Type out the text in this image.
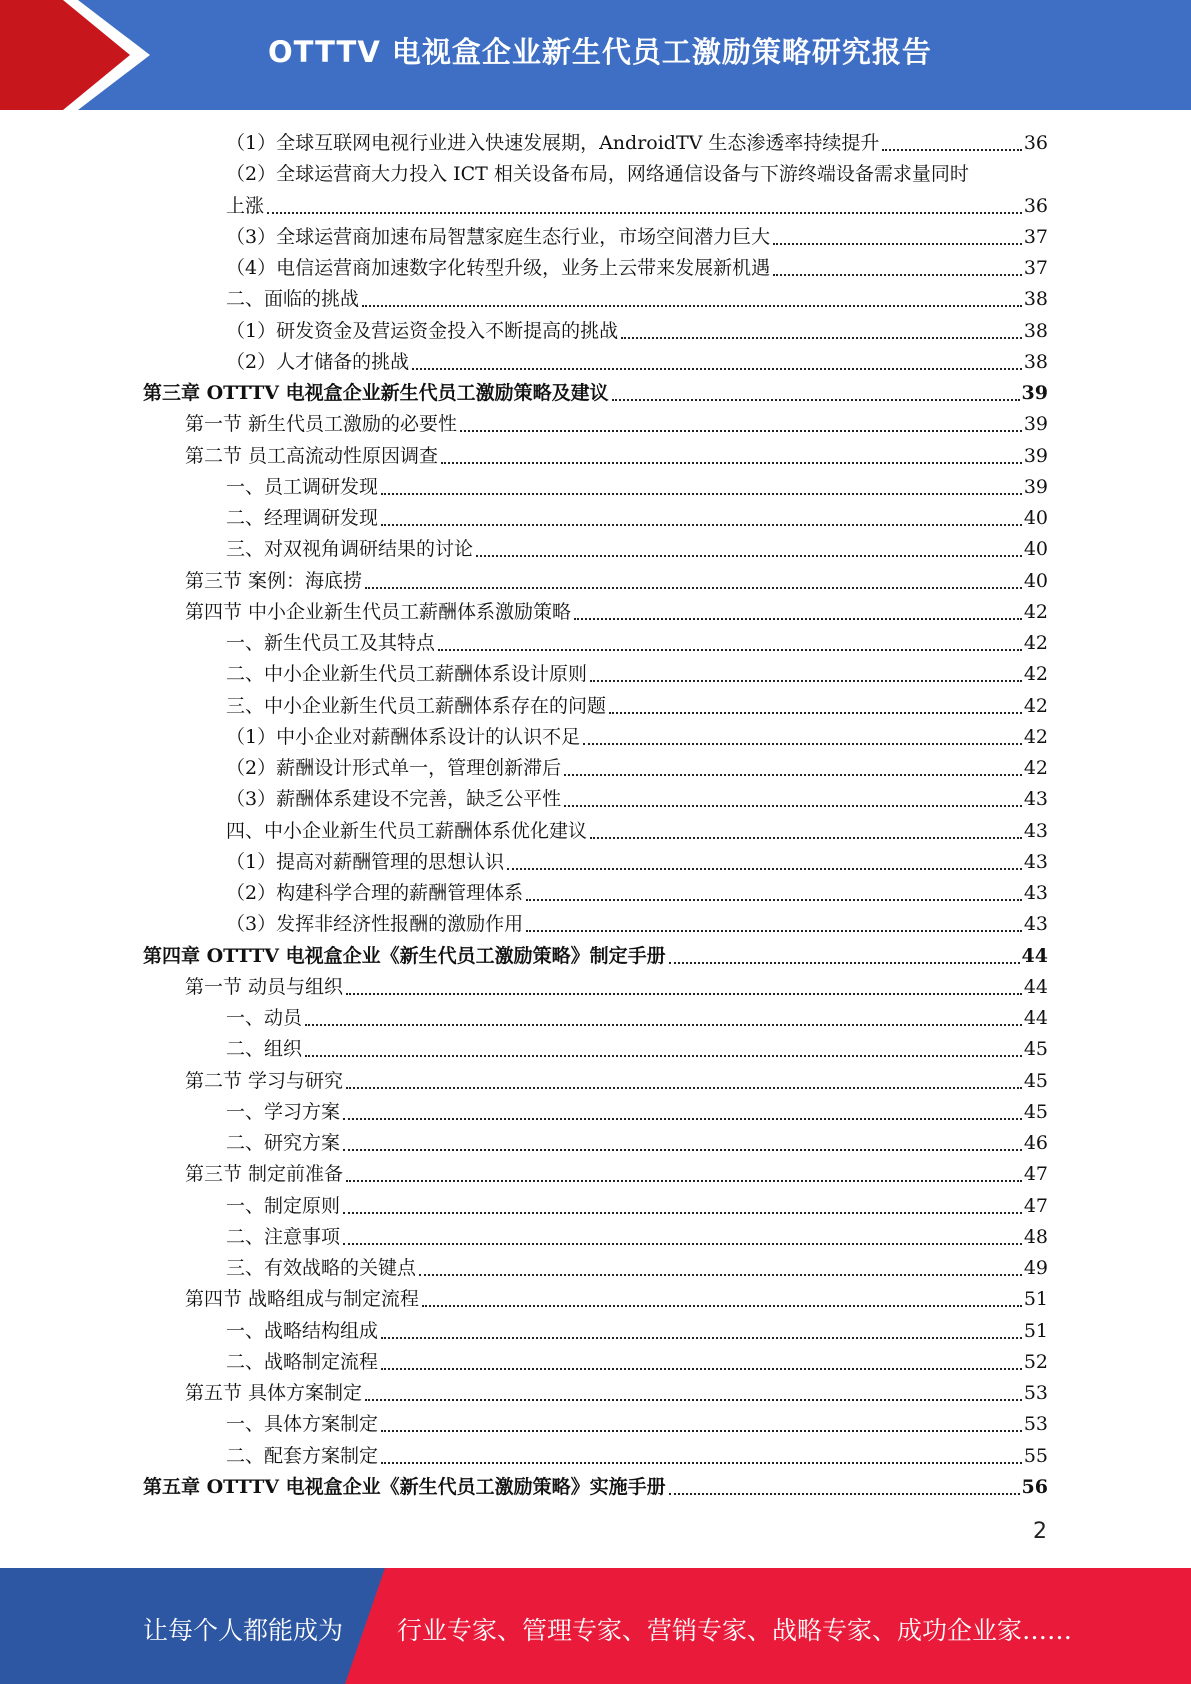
OTTTV 电视盒企业新生代员工激励策略研究报告
（1）全球互联网电视行业进入快速发展期，AndroidTV 生态渗透率持续提升	36
（2）全球运营商大力投入 ICT 相关设备布局，网络通信设备与下游终端设备需求量同时
上涨	36
（3）全球运营商加速布局智慧家庭生态行业，市场空间潜力巨大	37
（4）电信运营商加速数字化转型升级，业务上云带来发展新机遇	37
二、面临的挑战	38
（1）研发资金及营运资金投入不断提高的挑战	38
（2）人才储备的挑战	38
第三章 OTTTV 电视盒企业新生代员工激励策略及建议	39
第一节 新生代员工激励的必要性	39
第二节 员工高流动性原因调查	39
一、员工调研发现	39
二、经理调研发现	40
三、对双视角调研结果的讨论	40
第三节 案例：海底捞	40
第四节 中小企业新生代员工薪酬体系激励策略	42
一、新生代员工及其特点	42
二、中小企业新生代员工薪酬体系设计原则	42
三、中小企业新生代员工薪酬体系存在的问题	42
（1）中小企业对薪酬体系设计的认识不足	42
（2）薪酬设计形式单一，管理创新滞后	42
（3）薪酬体系建设不完善，缺乏公平性	43
四、中小企业新生代员工薪酬体系优化建议	43
（1）提高对薪酬管理的思想认识	43
（2）构建科学合理的薪酬管理体系	43
（3）发挥非经济性报酬的激励作用	43
第四章 OTTTV 电视盒企业《新生代员工激励策略》制定手册	44
第一节 动员与组织	44
一、动员	44
二、组织	45
第二节 学习与研究	45
一、学习方案	45
二、研究方案	46
第三节 制定前准备	47
一、制定原则	47
二、注意事项	48
三、有效战略的关键点	49
第四节 战略组成与制定流程	51
一、战略结构组成	51
二、战略制定流程	52
第五节 具体方案制定	53
一、具体方案制定	53
二、配套方案制定	55
第五章 OTTTV 电视盒企业《新生代员工激励策略》实施手册	56
2
让每个人都能成为 行业专家、管理专家、营销专家、战略专家、成功企业家……
